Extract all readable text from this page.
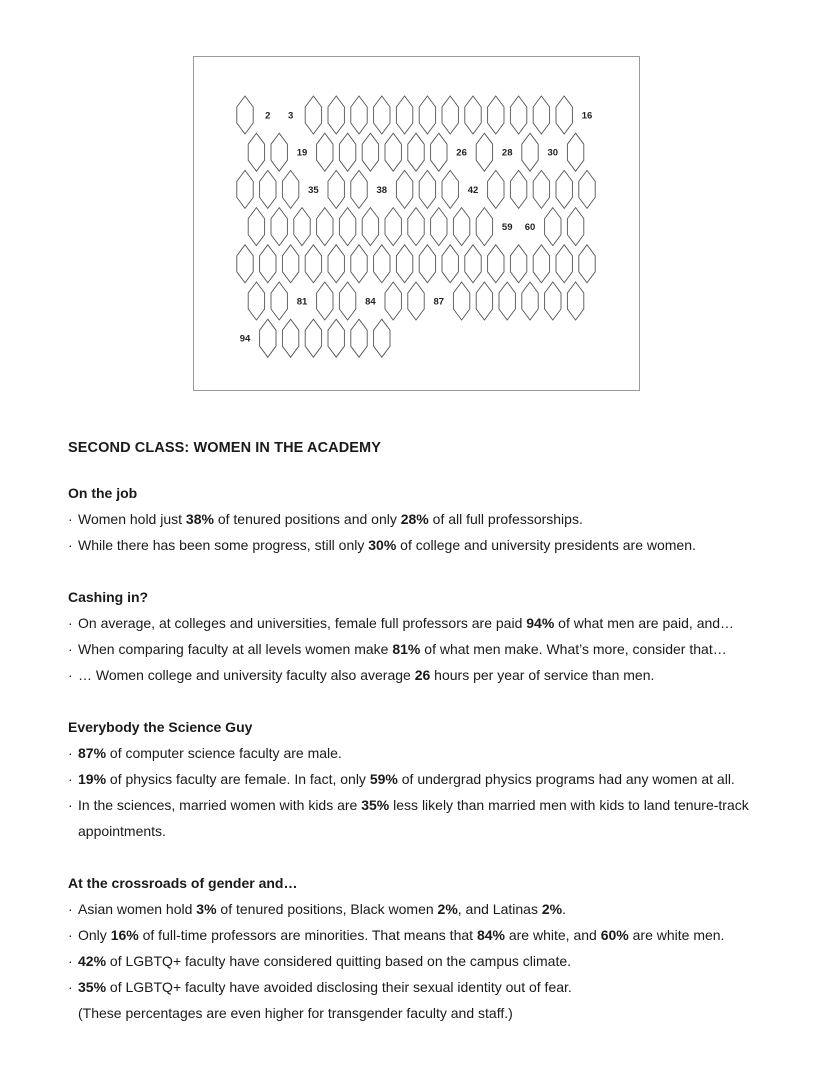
2 3	16
19	26	28	30
35	38	42
59 60
81	84	87
94
SECOND CLASS: WOMEN IN THE ACADEMY
On the job
· Women hold just 38% of tenured positions and only 28% of all full professorships.
· While there has been some progress, still only 30% of college and university presidents are women.
Cashing in?
· On average, at colleges and universities, female full professors are paid 94% of what men are paid, and…
· When comparing faculty at all levels women make 81% of what men make. What’s more, consider that…
· … Women college and university faculty also average 26 hours per year of service than men.
Everybody the Science Guy
· 87% of computer science faculty are male.
· 19% of physics faculty are female. In fact, only 59% of undergrad physics programs had any women at all.
· In the sciences, married women with kids are 35% less likely than married men with kids to land tenure-track appointments.
At the crossroads of gender and…
· Asian women hold 3% of tenured positions, Black women 2%, and Latinas 2%.
· Only 16% of full-time professors are minorities. That means that 84% are white, and 60% are white men.
· 42% of LGBTQ+ faculty have considered quitting based on the campus climate.
· 35% of LGBTQ+ faculty have avoided disclosing their sexual identity out of fear.
(These percentages are even higher for transgender faculty and staff.)
